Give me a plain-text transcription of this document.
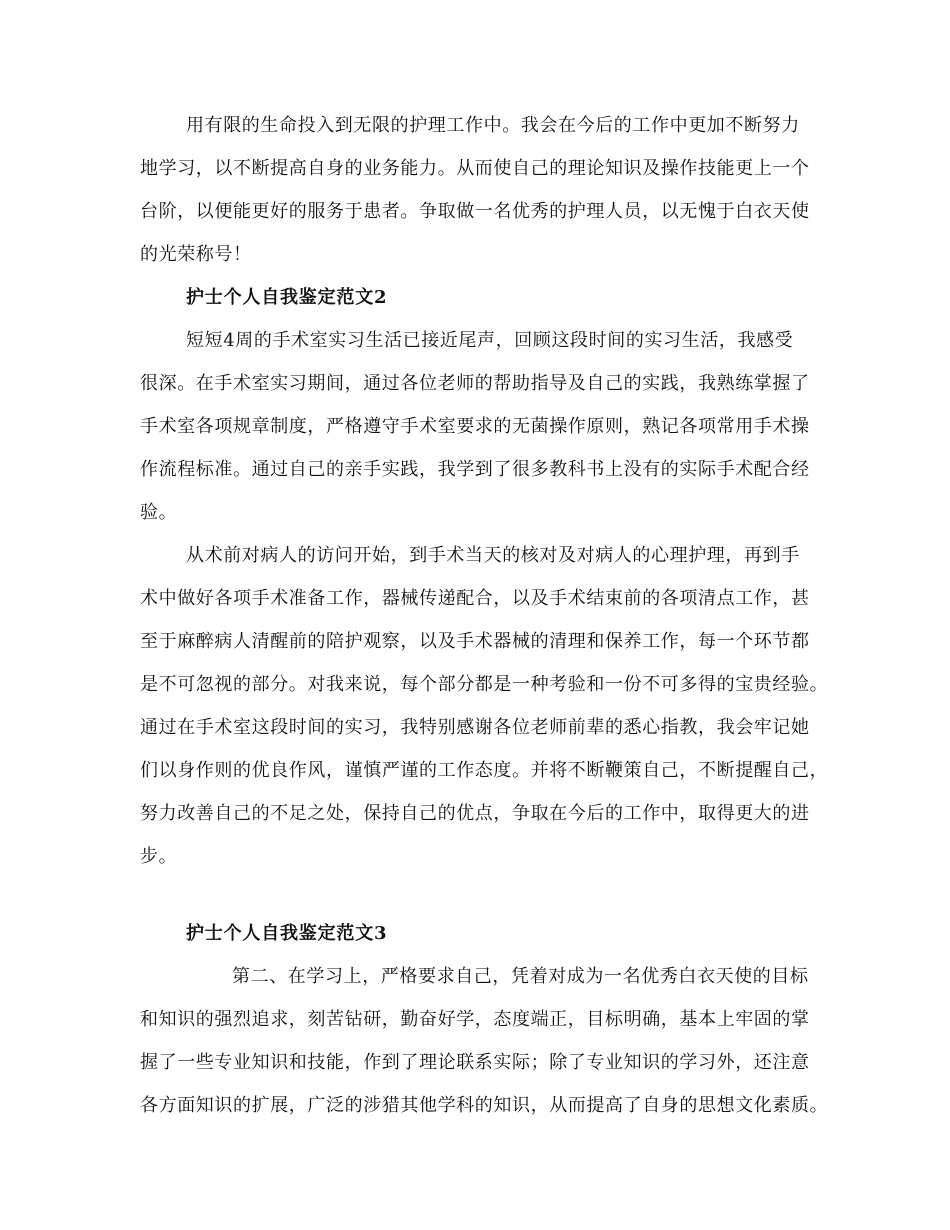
用有限的生命投入到无限的护理工作中。我会在今后的工作中更加不断努力
地学习，以不断提高自身的业务能力。从而使自己的理论知识及操作技能更上一个
台阶，以便能更好的服务于患者。争取做一名优秀的护理人员，以无愧于白衣天使
的光荣称号！
护士个人自我鉴定范文2
短短4周的手术室实习生活已接近尾声，回顾这段时间的实习生活，我感受
很深。在手术室实习期间，通过各位老师的帮助指导及自己的实践，我熟练掌握了
手术室各项规章制度，严格遵守手术室要求的无菌操作原则，熟记各项常用手术操
作流程标准。通过自己的亲手实践，我学到了很多教科书上没有的实际手术配合经
验。
从术前对病人的访问开始，到手术当天的核对及对病人的心理护理，再到手
术中做好各项手术准备工作，器械传递配合，以及手术结束前的各项清点工作，甚
至于麻醉病人清醒前的陪护观察，以及手术器械的清理和保养工作，每一个环节都
是不可忽视的部分。对我来说，每个部分都是一种考验和一份不可多得的宝贵经验。
通过在手术室这段时间的实习，我特别感谢各位老师前辈的悉心指教，我会牢记她
们以身作则的优良作风，谨慎严谨的工作态度。并将不断鞭策自己，不断提醒自己，
努力改善自己的不足之处，保持自己的优点，争取在今后的工作中，取得更大的进
步。
护士个人自我鉴定范文3
第二、在学习上，严格要求自己，凭着对成为一名优秀白衣天使的目标
和知识的强烈追求，刻苦钻研，勤奋好学，态度端正，目标明确，基本上牢固的掌
握了一些专业知识和技能，作到了理论联系实际；除了专业知识的学习外，还注意
各方面知识的扩展，广泛的涉猎其他学科的知识，从而提高了自身的思想文化素质。
